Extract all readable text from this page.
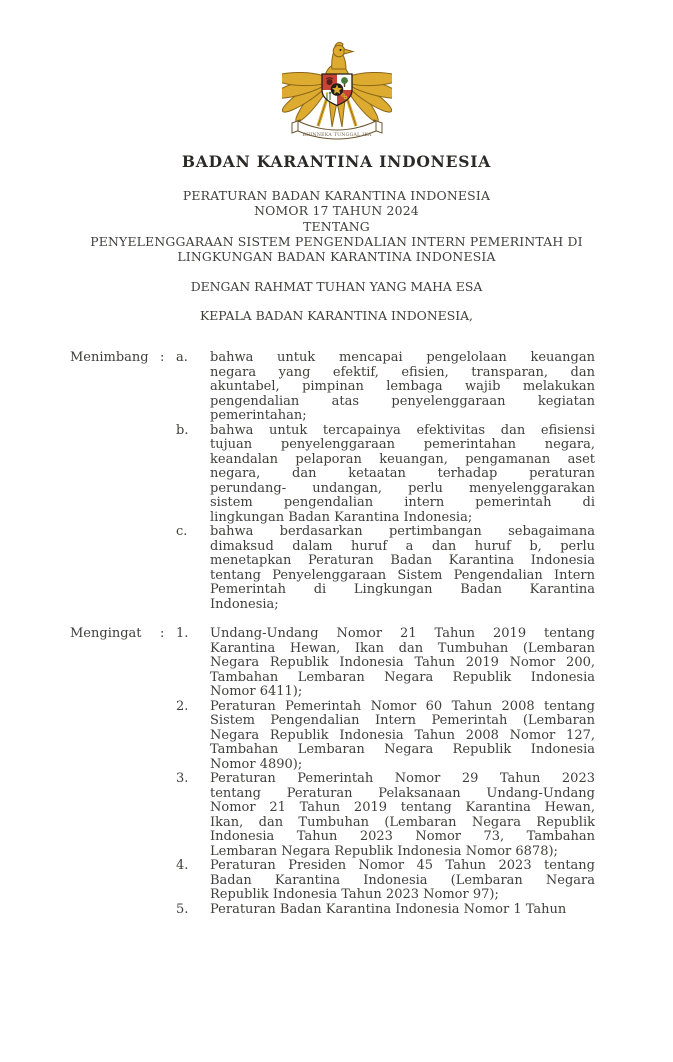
BHINNEKA TUNGGAL IKA
BADAN KARANTINA INDONESIA
PERATURAN BADAN KARANTINA INDONESIA
NOMOR 17 TAHUN 2024
TENTANG
PENYELENGGARAAN SISTEM PENGENDALIAN INTERN PEMERINTAH DI
LINGKUNGAN BADAN KARANTINA INDONESIA
DENGAN RAHMAT TUHAN YANG MAHA ESA
KEPALA BADAN KARANTINA INDONESIA,
Menimbang : a.	bahwa untuk mencapai pengelolaan keuangan
negara yang efektif, efisien, transparan, dan
akuntabel, pimpinan lembaga wajib melakukan
pengendalian atas penyelenggaraan kegiatan
pemerintahan;
b.	bahwa untuk tercapainya efektivitas dan efisiensi
tujuan penyelenggaraan pemerintahan negara,
keandalan pelaporan keuangan, pengamanan aset
negara, dan ketaatan terhadap peraturan
perundang- undangan, perlu menyelenggarakan
sistem pengendalian intern pemerintah di
lingkungan Badan Karantina Indonesia;
c.	bahwa berdasarkan pertimbangan sebagaimana
dimaksud dalam huruf a dan huruf b, perlu
menetapkan Peraturan Badan Karantina Indonesia
tentang Penyelenggaraan Sistem Pengendalian Intern
Pemerintah di Lingkungan Badan Karantina
Indonesia;
Mengingat	: 1.	Undang-Undang Nomor 21 Tahun 2019 tentang
Karantina Hewan, Ikan dan Tumbuhan (Lembaran
Negara Republik Indonesia Tahun 2019 Nomor 200,
Tambahan Lembaran Negara Republik Indonesia
Nomor 6411);
2.	Peraturan Pemerintah Nomor 60 Tahun 2008 tentang
Sistem Pengendalian Intern Pemerintah (Lembaran
Negara Republik Indonesia Tahun 2008 Nomor 127,
Tambahan Lembaran Negara Republik Indonesia
Nomor 4890);
3.	Peraturan Pemerintah Nomor 29 Tahun 2023
tentang Peraturan Pelaksanaan Undang-Undang
Nomor 21 Tahun 2019 tentang Karantina Hewan,
Ikan, dan Tumbuhan (Lembaran Negara Republik
Indonesia Tahun 2023 Nomor 73, Tambahan
Lembaran Negara Republik Indonesia Nomor 6878);
4.	Peraturan Presiden Nomor 45 Tahun 2023 tentang
Badan Karantina Indonesia (Lembaran Negara
Republik Indonesia Tahun 2023 Nomor 97);
5.	Peraturan Badan Karantina Indonesia Nomor 1 Tahun
